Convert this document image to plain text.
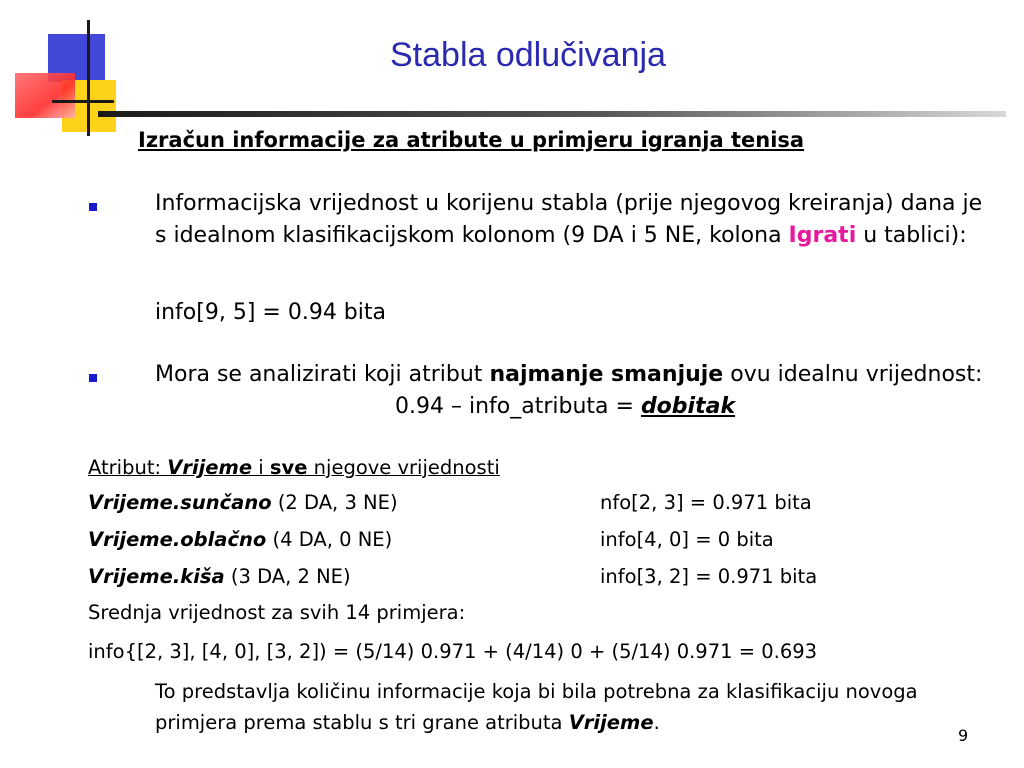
Stabla odlučivanja
Izračun informacije za atribute u primjeru igranja tenisa
Informacijska vrijednost u korijenu stabla (prije njegovog kreiranja) dana je s idealnom klasifikacijskom kolonom (9 DA i 5 NE, kolona Igrati u tablici):
info[9, 5] = 0.94 bita
Mora se analizirati koji atribut najmanje smanjuje ovu idealnu vrijednost:
0.94 – info_atributa = dobitak
Atribut: Vrijeme i sve njegove vrijednosti
Vrijeme.sunčano (2 DA, 3 NE)	nfo[2, 3] = 0.971 bita
Vrijeme.oblačno (4 DA, 0 NE)	info[4, 0] = 0 bita
Vrijeme.kiša (3 DA, 2 NE)	info[3, 2] = 0.971 bita
Srednja vrijednost za svih 14 primjera:
info{[2, 3], [4, 0], [3, 2]) = (5/14) 0.971 + (4/14) 0 + (5/14) 0.971 = 0.693
To predstavlja količinu informacije koja bi bila potrebna za klasifikaciju novoga primjera prema stablu s tri grane atributa Vrijeme.
9
